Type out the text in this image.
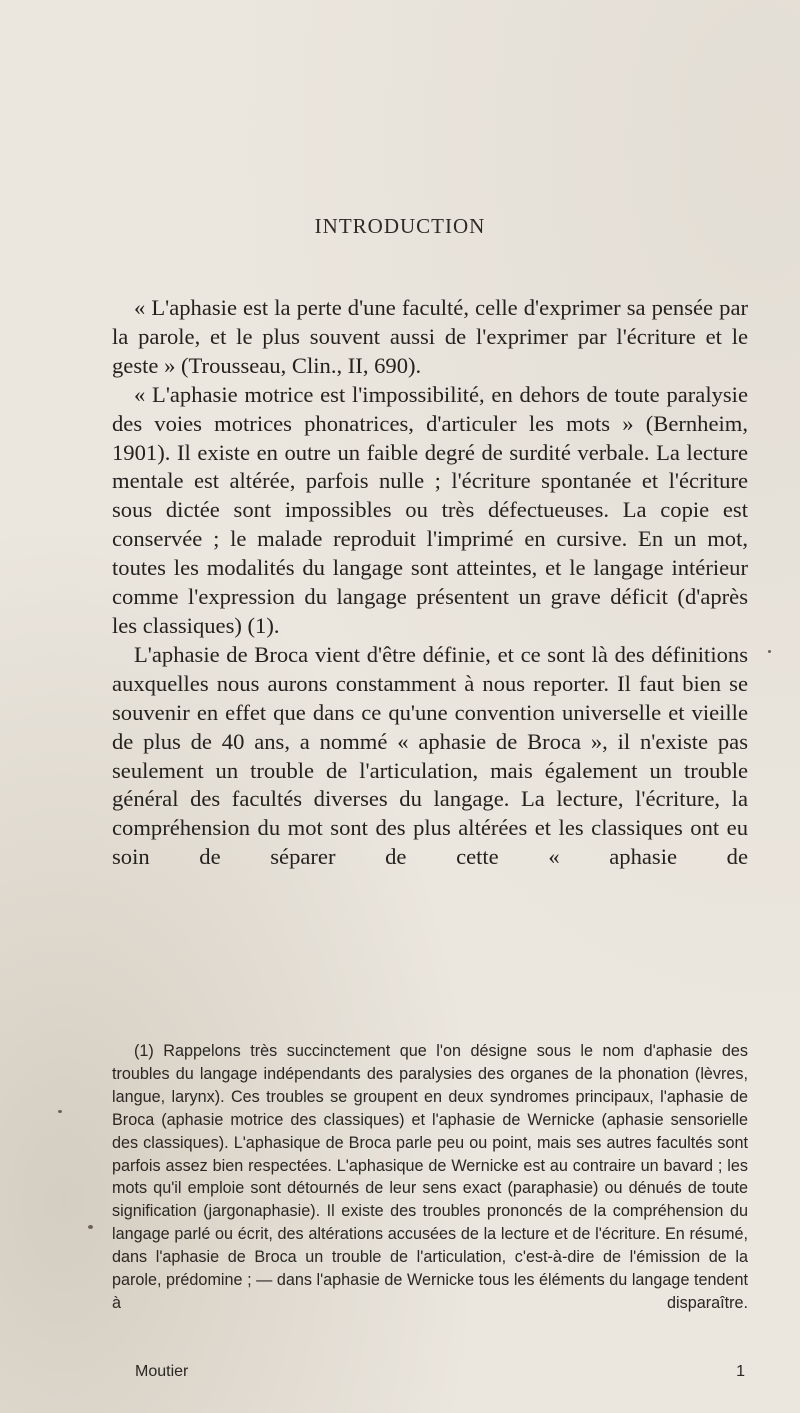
INTRODUCTION

« L'aphasie est la perte d'une faculté, celle d'exprimer sa pensée par la parole, et le plus souvent aussi de l'exprimer par l'écriture et le geste » (Trousseau, Clin., II, 690).

« L'aphasie motrice est l'impossibilité, en dehors de toute paralysie des voies motrices phonatrices, d'articuler les mots » (Bernheim, 1901). Il existe en outre un faible degré de surdité verbale. La lecture mentale est altérée, parfois nulle ; l'écriture spontanée et l'écriture sous dictée sont impossibles ou très défectueuses. La copie est conservée ; le malade reproduit l'imprimé en cursive. En un mot, toutes les modalités du langage sont atteintes, et le langage intérieur comme l'expression du langage présentent un grave déficit (d'après les classiques) (1).

L'aphasie de Broca vient d'être définie, et ce sont là des définitions auxquelles nous aurons constamment à nous reporter. Il faut bien se souvenir en effet que dans ce qu'une convention universelle et vieille de plus de 40 ans, a nommé « aphasie de Broca », il n'existe pas seulement un trouble de l'articulation, mais également un trouble général des facultés diverses du langage. La lecture, l'écriture, la compréhension du mot sont des plus altérées et les classiques ont eu soin de séparer de cette « aphasie de

(1) Rappelons très succinctement que l'on désigne sous le nom d'aphasie des troubles du langage indépendants des paralysies des organes de la phonation (lèvres, langue, larynx). Ces troubles se groupent en deux syndromes principaux, l'aphasie de Broca (aphasie motrice des classiques) et l'aphasie de Wernicke (aphasie sensorielle des classiques). L'aphasique de Broca parle peu ou point, mais ses autres facultés sont parfois assez bien respectées. L'aphasique de Wernicke est au contraire un bavard ; les mots qu'il emploie sont détournés de leur sens exact (paraphasie) ou dénués de toute signification (jargonaphasie). Il existe des troubles prononcés de la compréhension du langage parlé ou écrit, des altérations accusées de la lecture et de l'écriture. En résumé, dans l'aphasie de Broca un trouble de l'articulation, c'est-à-dire de l'émission de la parole, prédomine ; — dans l'aphasie de Wernicke tous les éléments du langage tendent à disparaître.

Moutier	1
